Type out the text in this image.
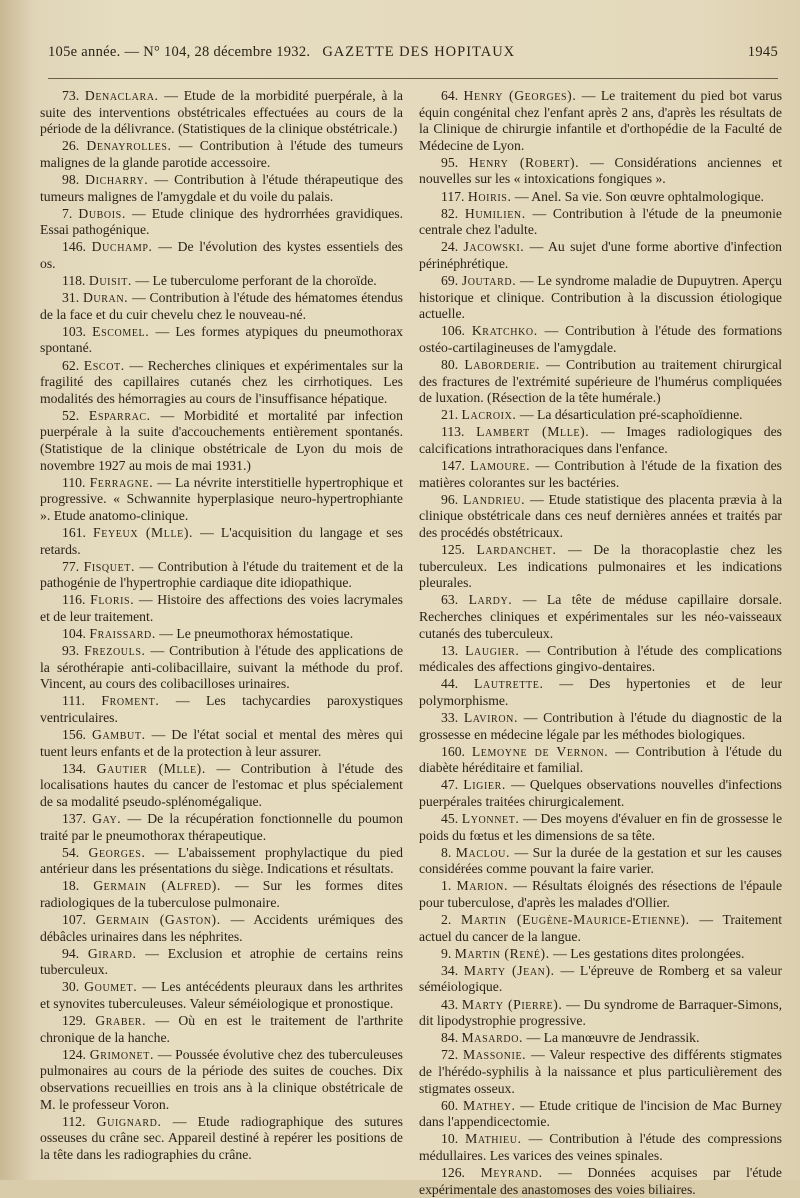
105e année. — N° 104, 28 décembre 1932. GAZETTE DES HOPITAUX	1945

73. Denaclara. — Etude de la morbidité puerpérale, à la suite des interventions obstétricales effectuées au cours de la période de la délivrance. (Statistiques de la clinique obstétricale.)

26. Denayrolles. — Contribution à l'étude des tumeurs malignes de la glande parotide accessoire.

98. Dicharry. — Contribution à l'étude thérapeutique des tumeurs malignes de l'amygdale et du voile du palais.

7. Dubois. — Etude clinique des hydrorrhées gravidiques. Essai pathogénique.

146. Duchamp. — De l'évolution des kystes essentiels des os.

118. Duisit. — Le tuberculome perforant de la choroïde.

31. Duran. — Contribution à l'étude des hématomes étendus de la face et du cuir chevelu chez le nouveau-né.

103. Escomel. — Les formes atypiques du pneumothorax spontané.

62. Escot. — Recherches cliniques et expérimentales sur la fragilité des capillaires cutanés chez les cirrhotiques. Les modalités des hémorragies au cours de l'insuffisance hépatique.

52. Esparrac. — Morbidité et mortalité par infection puerpérale à la suite d'accouchements entièrement spontanés. (Statistique de la clinique obstétricale de Lyon du mois de novembre 1927 au mois de mai 1931.)

110. Ferragne. — La névrite interstitielle hypertrophique et progressive. « Schwannite hyperplasique neuro-hypertrophiante ». Etude anatomo-clinique.

161. Feyeux (Mlle). — L'acquisition du langage et ses retards.

77. Fisquet. — Contribution à l'étude du traitement et de la pathogénie de l'hypertrophie cardiaque dite idiopathique.

116. Floris. — Histoire des affections des voies lacrymales et de leur traitement.

104. Fraissard. — Le pneumothorax hémostatique.

93. Frezouls. — Contribution à l'étude des applications de la sérothérapie anti-colibacillaire, suivant la méthode du prof. Vincent, au cours des colibacilloses urinaires.

111. Froment. — Les tachycardies paroxystiques ventriculaires.

156. Gambut. — De l'état social et mental des mères qui tuent leurs enfants et de la protection à leur assurer.

134. Gautier (Mlle). — Contribution à l'étude des localisations hautes du cancer de l'estomac et plus spécialement de sa modalité pseudo-splénomégalique.

137. Gay. — De la récupération fonctionnelle du poumon traité par le pneumothorax thérapeutique.

54. Georges. — L'abaissement prophylactique du pied antérieur dans les présentations du siège. Indications et résultats.

18. Germain (Alfred). — Sur les formes dites radiologiques de la tuberculose pulmonaire.

107. Germain (Gaston). — Accidents urémiques des débâcles urinaires dans les néphrites.

94. Girard. — Exclusion et atrophie de certains reins tuberculeux.

30. Goumet. — Les antécédents pleuraux dans les arthrites et synovites tuberculeuses. Valeur séméiologique et pronostique.

129. Graber. — Où en est le traitement de l'arthrite chronique de la hanche.

124. Grimonet. — Poussée évolutive chez des tuberculeuses pulmonaires au cours de la période des suites de couches. Dix observations recueillies en trois ans à la clinique obstétricale de M. le professeur Voron.

112. Guignard. — Etude radiographique des sutures osseuses du crâne sec. Appareil destiné à repérer les positions de la tête dans les radiographies du crâne.

64. Henry (Georges). — Le traitement du pied bot varus équin congénital chez l'enfant après 2 ans, d'après les résultats de la Clinique de chirurgie infantile et d'orthopédie de la Faculté de Médecine de Lyon.

95. Henry (Robert). — Considérations anciennes et nouvelles sur les « intoxications fongiques ».

117. Hoiris. — Anel. Sa vie. Son œuvre ophtalmologique.

82. Humilien. — Contribution à l'étude de la pneumonie centrale chez l'adulte.

24. Jacowski. — Au sujet d'une forme abortive d'infection périnéphrétique.

69. Joutard. — Le syndrome maladie de Dupuytren. Aperçu historique et clinique. Contribution à la discussion étiologique actuelle.

106. Kratchko. — Contribution à l'étude des formations ostéo-cartilagineuses de l'amygdale.

80. Laborderie. — Contribution au traitement chirurgical des fractures de l'extrémité supérieure de l'humérus compliquées de luxation. (Résection de la tête humérale.)

21. Lacroix. — La désarticulation pré-scaphoïdienne.

113. Lambert (Mlle). — Images radiologiques des calcifications intrathoraciques dans l'enfance.

147. Lamoure. — Contribution à l'étude de la fixation des matières colorantes sur les bactéries.

96. Landrieu. — Etude statistique des placenta prævia à la clinique obstétricale dans ces neuf dernières années et traités par des procédés obstétricaux.

125. Lardanchet. — De la thoracoplastie chez les tuberculeux. Les indications pulmonaires et les indications pleurales.

63. Lardy. — La tête de méduse capillaire dorsale. Recherches cliniques et expérimentales sur les néo-vaisseaux cutanés des tuberculeux.

13. Laugier. — Contribution à l'étude des complications médicales des affections gingivo-dentaires.

44. Lautrette. — Des hypertonies et de leur polymorphisme.

33. Laviron. — Contribution à l'étude du diagnostic de la grossesse en médecine légale par les méthodes biologiques.

160. Lemoyne de Vernon. — Contribution à l'étude du diabète héréditaire et familial.

47. Ligier. — Quelques observations nouvelles d'infections puerpérales traitées chirurgicalement.

45. Lyonnet. — Des moyens d'évaluer en fin de grossesse le poids du fœtus et les dimensions de sa tête.

8. Maclou. — Sur la durée de la gestation et sur les causes considérées comme pouvant la faire varier.

1. Marion. — Résultats éloignés des résections de l'épaule pour tuberculose, d'après les malades d'Ollier.

2. Martin (Eugène-Maurice-Etienne). — Traitement actuel du cancer de la langue.

9. Martin (René). — Les gestations dites prolongées.

34. Marty (Jean). — L'épreuve de Romberg et sa valeur séméiologique.

43. Marty (Pierre). — Du syndrome de Barraquer-Simons, dit lipodystrophie progressive.

84. Masardo. — La manœuvre de Jendrassik.

72. Massonie. — Valeur respective des différents stigmates de l'hérédo-syphilis à la naissance et plus particulièrement des stigmates osseux.

60. Mathey. — Etude critique de l'incision de Mac Burney dans l'appendicectomie.

10. Mathieu. — Contribution à l'étude des compressions médullaires. Les varices des veines spinales.

126. Meyrand. — Données acquises par l'étude expérimentale des anastomoses des voies biliaires.
